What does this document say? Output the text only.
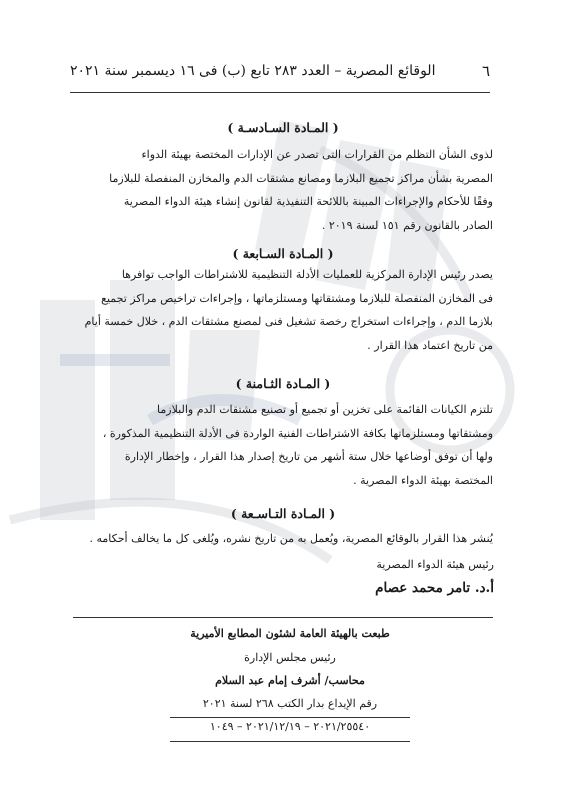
٦
الوقائع المصرية – العدد ٢٨٣ تابع (ب) فى ١٦ ديسمبر سنة ٢٠٢١
( المـادة السـادسـة )

لذوى الشأن التظلم من القرارات التى تصدر عن الإدارات المختصة بهيئة الدواء

المصرية بشأن مراكز تجميع البلازما ومصانع مشتقات الدم والمخازن المنفصلة للبلازما

وفقًا للأحكام والإجراءات المبينة باللائحة التنفيذية لقانون إنشاء هيئة الدواء المصرية

الصادر بالقانون رقم ١٥١ لسنة ٢٠١٩ .

( المـادة السـابعة )

يصدر رئيس الإدارة المركزية للعمليات الأدلة التنظيمية للاشتراطات الواجب توافرها

فى المخازن المنفصلة للبلازما ومشتقاتها ومستلزماتها ، وإجراءات تراخيص مراكز تجميع

بلازما الدم ، وإجراءات استخراج رخصة تشغيل فنى لمصنع مشتقات الدم ، خلال خمسة أيام

من تاريخ اعتماد هذا القرار .

( المـادة الثـامنة )

تلتزم الكيانات القائمة على تخزين أو تجميع أو تصنيع مشتقات الدم والبلازما

ومشتقاتها ومستلزماتها بكافة الاشتراطات الفنية الواردة فى الأدلة التنظيمية المذكورة ،

ولها أن توفق أوضاعها خلال ستة أشهر من تاريخ إصدار هذا القرار ، وإخطار الإدارة

المختصة بهيئة الدواء المصرية .

( المـادة التـاسـعة )

يُنشر هذا القرار بالوقائع المصرية، ويُعمل به من تاريخ نشره، ويُلغى كل ما يخالف أحكامه .

رئيس هيئة الدواء المصرية
أ.د. تامر محمد عصام
طبعت بالهيئة العامة لشئون المطابع الأميرية
رئيس مجلس الإدارة
محاسب/ أشرف إمام عبد السلام
رقم الإيداع بدار الكتب ٢٦٨ لسنة ٢٠٢١
٢٠٢١/٢٥٥٤٠ – ٢٠٢١/١٢/١٩ – ١٠٤٩
